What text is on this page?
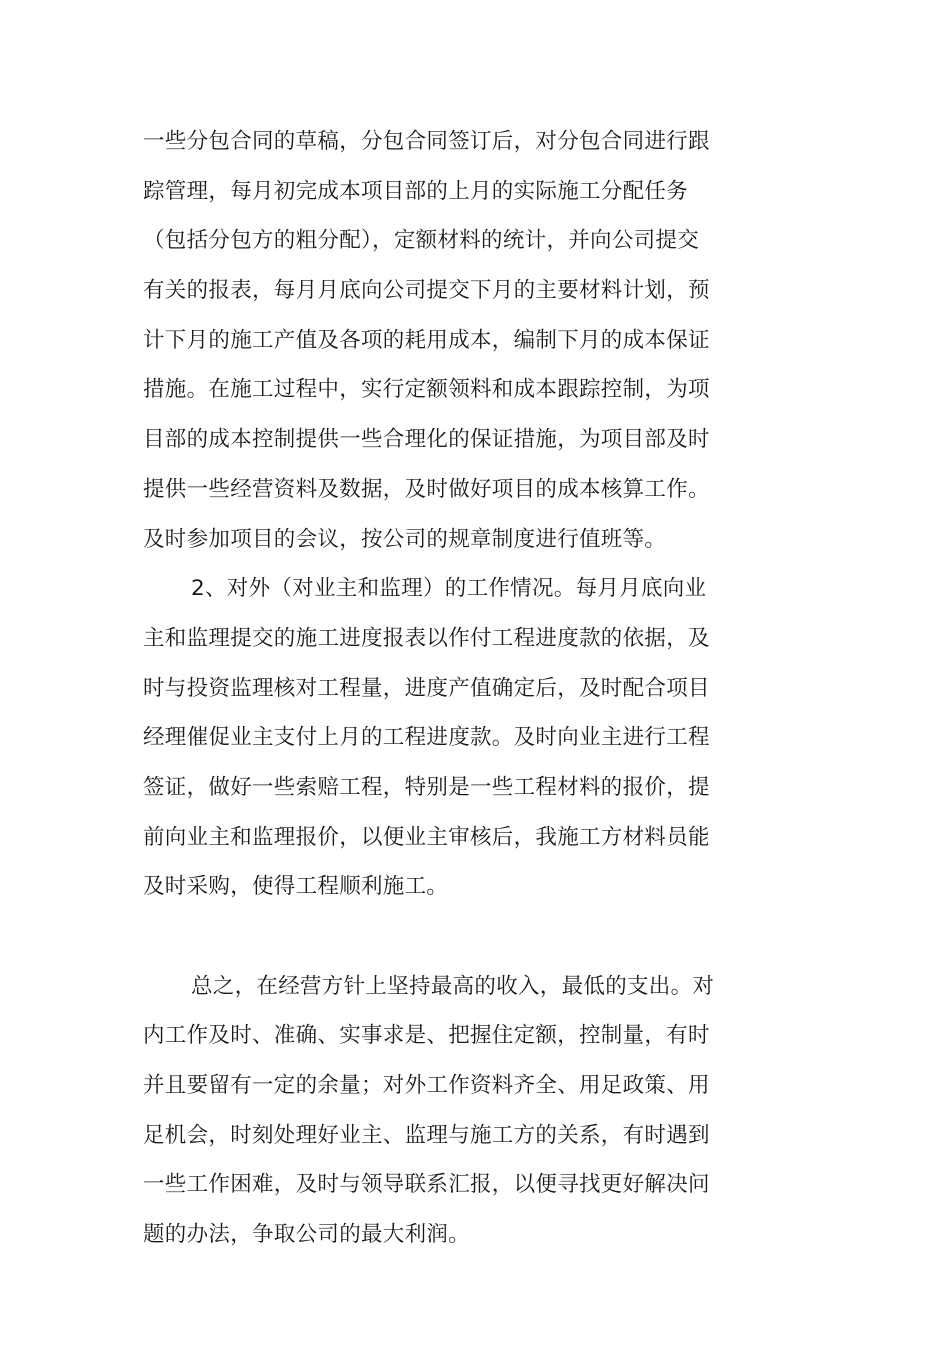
一些分包合同的草稿，分包合同签订后，对分包合同进行跟
踪管理，每月初完成本项目部的上月的实际施工分配任务
（包括分包方的粗分配），定额材料的统计，并向公司提交
有关的报表，每月月底向公司提交下月的主要材料计划，预
计下月的施工产值及各项的耗用成本，编制下月的成本保证
措施。在施工过程中，实行定额领料和成本跟踪控制，为项
目部的成本控制提供一些合理化的保证措施，为项目部及时
提供一些经营资料及数据，及时做好项目的成本核算工作。
及时参加项目的会议，按公司的规章制度进行值班等。
2、对外（对业主和监理）的工作情况。每月月底向业
主和监理提交的施工进度报表以作付工程进度款的依据，及
时与投资监理核对工程量，进度产值确定后，及时配合项目
经理催促业主支付上月的工程进度款。及时向业主进行工程
签证，做好一些索赔工程，特别是一些工程材料的报价，提
前向业主和监理报价，以便业主审核后，我施工方材料员能
及时采购，使得工程顺利施工。
总之，在经营方针上坚持最高的收入，最低的支出。对
内工作及时、准确、实事求是、把握住定额，控制量，有时
并且要留有一定的余量；对外工作资料齐全、用足政策、用
足机会，时刻处理好业主、监理与施工方的关系，有时遇到
一些工作困难，及时与领导联系汇报，以便寻找更好解决问
题的办法，争取公司的最大利润。
